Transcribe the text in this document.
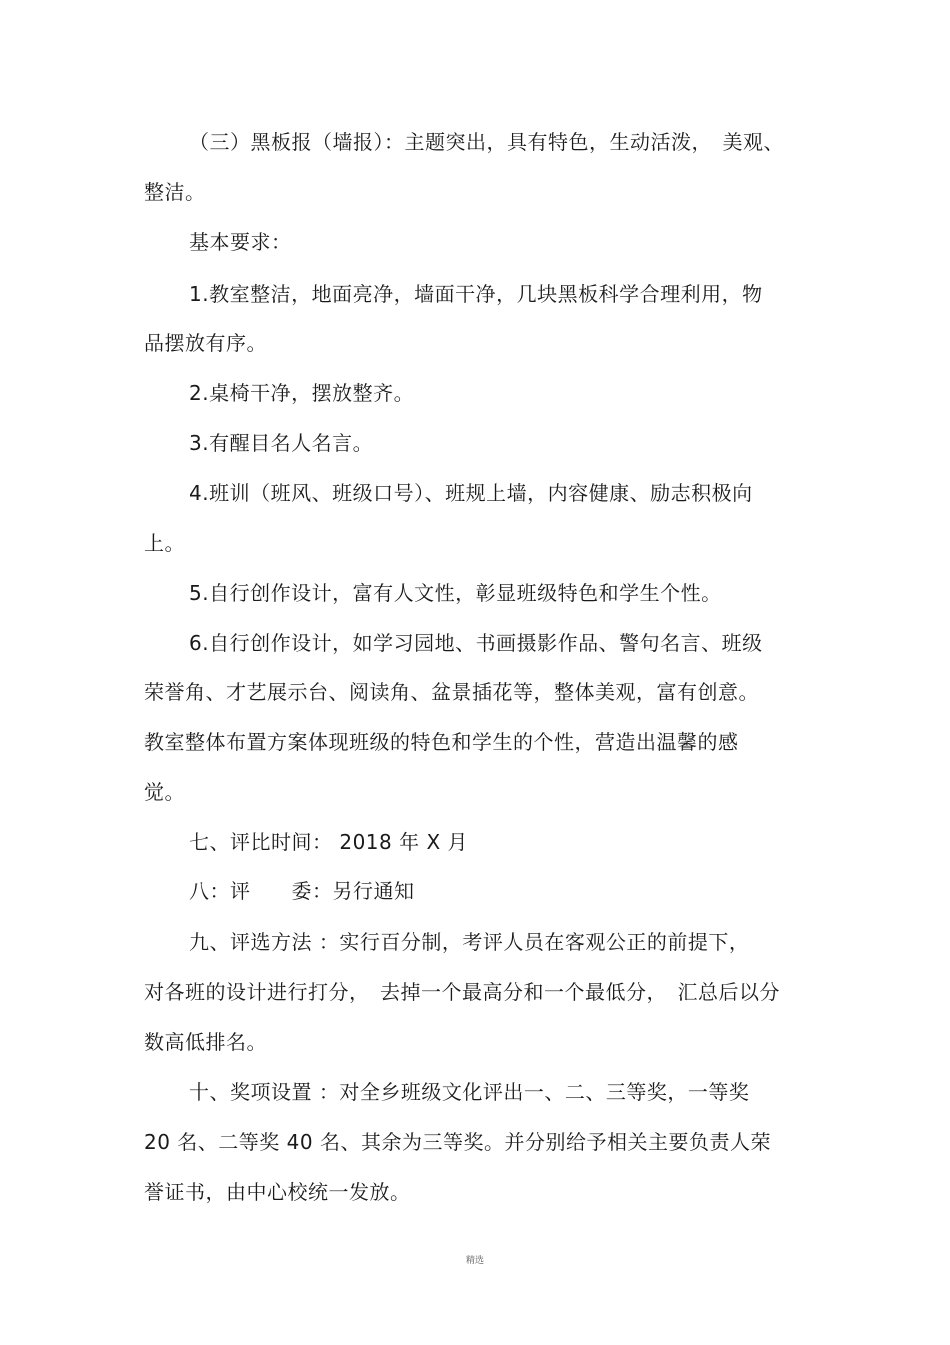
（三）黑板报（墙报）：主题突出，具有特色，生动活泼，　美观、
整洁。
基本要求：
1.教室整洁，地面亮净，墙面干净，几块黑板科学合理利用，物
品摆放有序。
2.桌椅干净，摆放整齐。
3.有醒目名人名言。
4.班训（班风、班级口号）、班规上墙，内容健康、励志积极向
上。
5.自行创作设计，富有人文性，彰显班级特色和学生个性。
6.自行创作设计，如学习园地、书画摄影作品、警句名言、班级
荣誉角、才艺展示台、阅读角、盆景插花等，整体美观，富有创意。
教室整体布置方案体现班级的特色和学生的个性，营造出温馨的感
觉。
七、评比时间： 2018 年 X 月
八：评　　委：另行通知
九、评选方法 ：实行百分制，考评人员在客观公正的前提下，
对各班的设计进行打分，　去掉一个最高分和一个最低分，　汇总后以分
数高低排名。
十、奖项设置 ：对全乡班级文化评出一、二、三等奖，一等奖
20 名、二等奖 40 名、其余为三等奖。并分别给予相关主要负责人荣
誉证书，由中心校统一发放。
精选
